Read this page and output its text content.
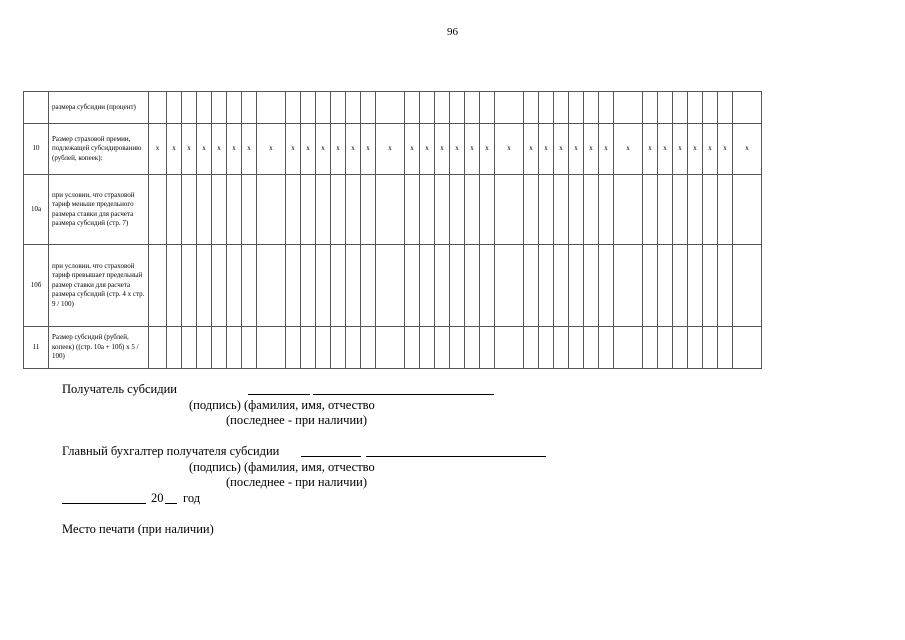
96
	размера субсидии (процент)																																				
10	Размер страховой премии, подлежащей субсидированию (рублей, копеек):	x	x	x	x	x	x	x	x	x	x	x	x	x	x	x	x	x	x	x	x	x	x	x	x	x	x	x	x	x	x	x	x	x	x	x	x
10а	при условии, что страховой тариф меньше предельного размера ставки для расчета размера субсидий (стр. 7)																																				
10б	при условии, что страховой тариф превышает предельный размер ставки для расчета размера субсидий (стр. 4 x стр. 9 / 100)																																				
11	Размер субсидий (рублей, копеек) ((стр. 10а + 10б) x 5 / 100)																																				
Получатель субсидии
(подпись) (фамилия, имя, отчество
(последнее - при наличии)
Главный бухгалтер получателя субсидии
(подпись) (фамилия, имя, отчество
(последнее - при наличии)
20 год
Место печати (при наличии)
